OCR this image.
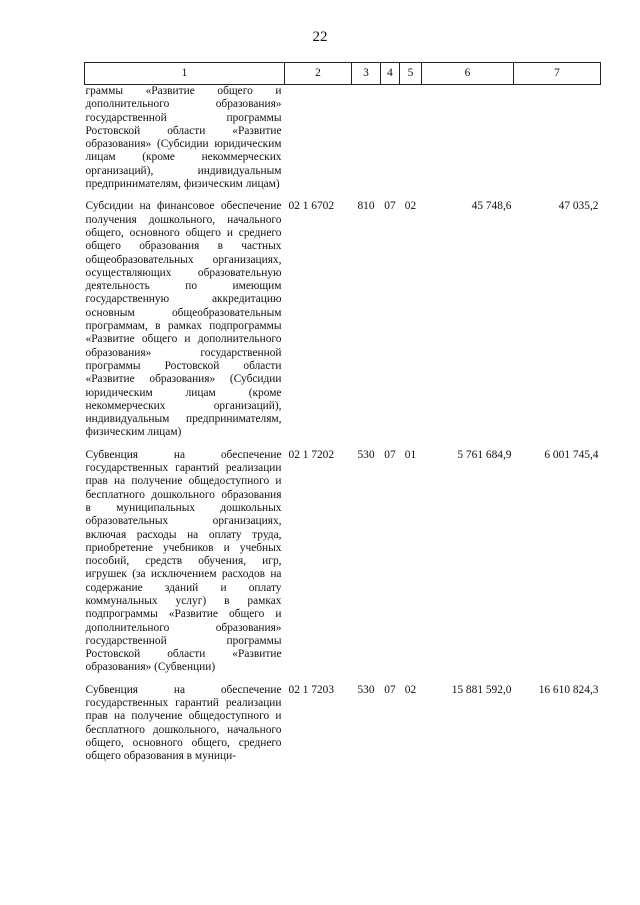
22
1	2	3	4	5	6	7
граммы «Развитие общего и дополнительного образования» государственной программы Ростовской области «Развитие образования» (Субсидии юридическим лицам (кроме некоммерческих организаций), индивидуальным предпринимателям, физическим лицам)						

Субсидии на финансовое обеспечение получения дошкольного, начального общего, основного общего и среднего общего образования в частных общеобразовательных организациях, осуществляющих образовательную деятельность по имеющим государственную аккредитацию основным общеобразовательным программам, в рамках подпрограммы «Развитие общего и дополнительного образования» государственной программы Ростовской области «Развитие образования» (Субсидии юридическим лицам (кроме некоммерческих организаций), индивидуальным предпринимателям, физическим лицам)	02 1 6702	810	07	02	45 748,6	47 035,2

Субвенция на обеспечение государственных гарантий реализации прав на получение общедоступного и бесплатного дошкольного образования в муниципальных дошкольных образовательных организациях, включая расходы на оплату труда, приобретение учебников и учебных пособий, средств обучения, игр, игрушек (за исключением расходов на содержание зданий и оплату коммунальных услуг) в рамках подпрограммы «Развитие общего и дополнительного образования» государственной программы Ростовской области «Развитие образования» (Субвенции)	02 1 7202	530	07	01	5 761 684,9	6 001 745,4

Субвенция на обеспечение государственных гарантий реализации прав на получение общедоступного и бесплатного дошкольного, начального общего, основного общего, среднего общего образования в муници-	02 1 7203	530	07	02	15 881 592,0	16 610 824,3
